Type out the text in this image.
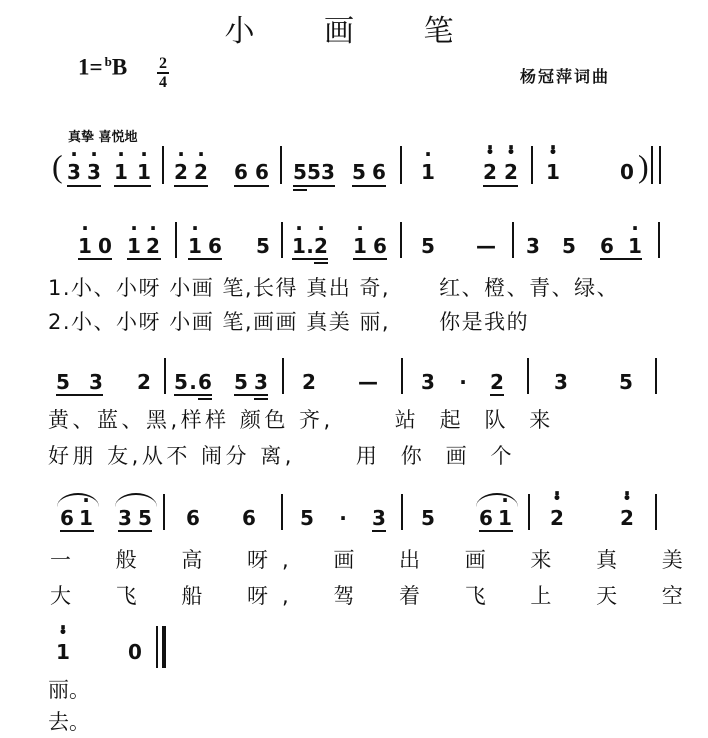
小 画 笔
1= $^b$B 2
4	杨冠萍词曲
真挚 喜悦地
( · 3 · 3 · 1 · 1 · 2 · 2 6 6 5 5 3 5 6 · 1 • 2 · • 2 · • 1 ·	0 )
· 1 0 · 1 · 2 · 1 6 5 · 1 . · 2 · 1 6 5 — 3 5 6 · 1
1.小、小呀 小画 笔,长得 真出 奇,      红、橙、青、绿、
2.小、小呀 小画 笔,画画 真美 丽,      你是我的
5 3 2 5 . 6 5 3 2 — 3 · 2	3	5
黄、蓝、黑,样样 颜色 齐,      站  起  队  来
好朋 友,从不 闹分 离,      用  你  画  个
6 · 1 3 5 6 6 5 · 3 5 6 · 1 • 2 ·	• 2 ·
一 般 高 呀, 画 出 画 来 真 美
大 飞 船 呀, 驾 着 飞 上 天 空
• 1 ·	0
丽。
去。
